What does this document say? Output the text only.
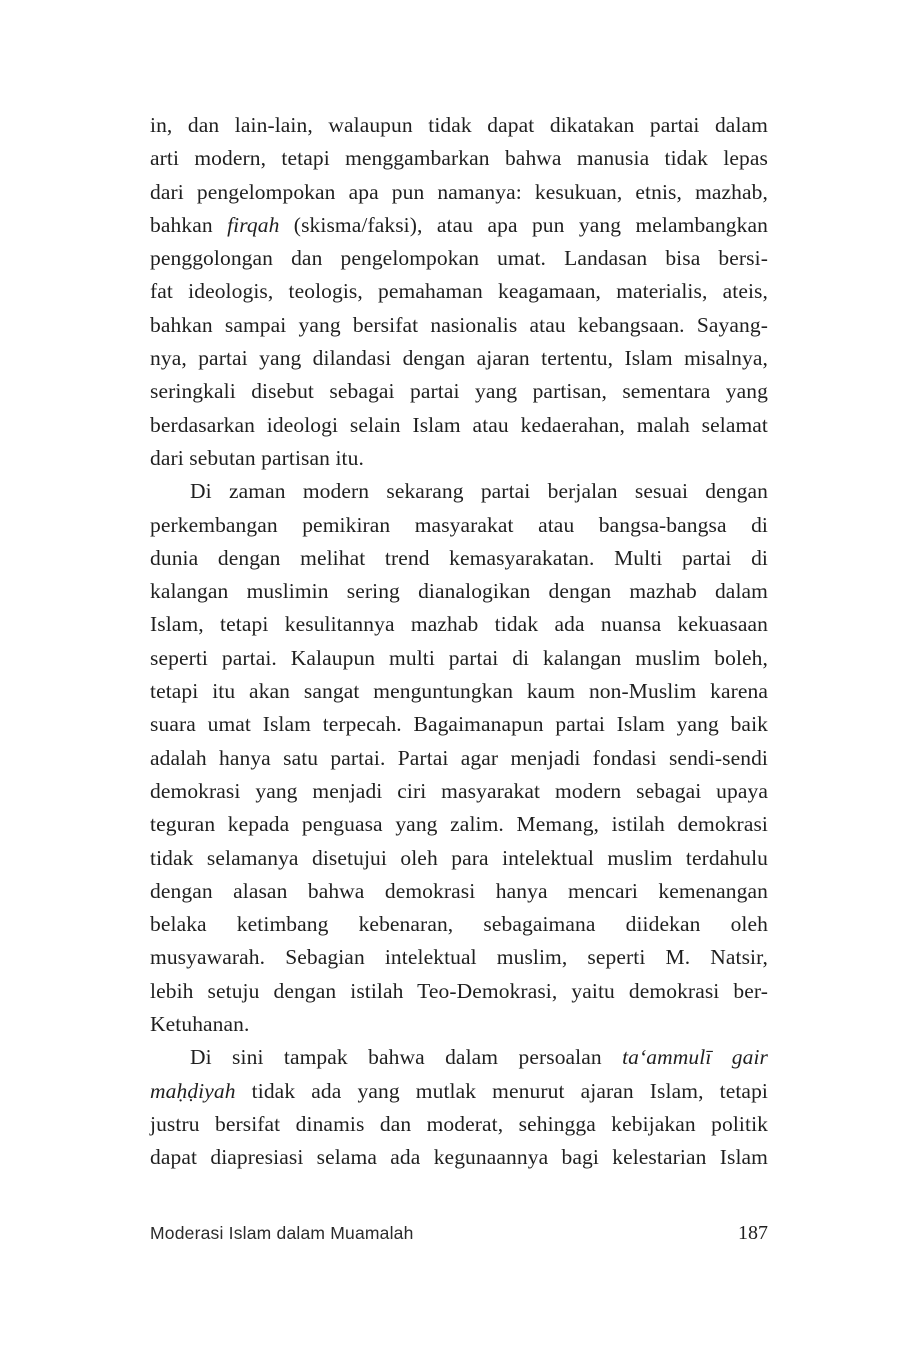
in, dan lain-lain, walaupun tidak dapat dikatakan partai dalam
arti modern, tetapi menggambarkan bahwa manusia tidak lepas
dari pengelompokan apa pun namanya: kesukuan, etnis, mazhab,
bahkan firqah (skisma/faksi), atau apa pun yang melambangkan
penggolongan dan pengelompokan umat. Landasan bisa bersi-
fat ideologis, teologis, pemahaman keagamaan, materialis, ateis,
bahkan sampai yang bersifat nasionalis atau kebangsaan. Sayang-
nya, partai yang dilandasi dengan ajaran tertentu, Islam misalnya,
seringkali disebut sebagai partai yang partisan, sementara yang
berdasarkan ideologi selain Islam atau kedaerahan, malah selamat
dari sebutan partisan itu.
Di zaman modern sekarang partai berjalan sesuai dengan
perkembangan pemikiran masyarakat atau bangsa-bangsa di
dunia dengan melihat trend kemasyarakatan. Multi partai di
kalangan muslimin sering dianalogikan dengan mazhab dalam
Islam, tetapi kesulitannya mazhab tidak ada nuansa kekuasaan
seperti partai. Kalaupun multi partai di kalangan muslim boleh,
tetapi itu akan sangat menguntungkan kaum non-Muslim karena
suara umat Islam terpecah. Bagaimanapun partai Islam yang baik
adalah hanya satu partai. Partai agar menjadi fondasi sendi-sendi
demokrasi yang menjadi ciri masyarakat modern sebagai upaya
teguran kepada penguasa yang zalim. Memang, istilah demokrasi
tidak selamanya disetujui oleh para intelektual muslim terdahulu
dengan alasan bahwa demokrasi hanya mencari kemenangan
belaka ketimbang kebenaran, sebagaimana diidekan oleh
musyawarah. Sebagian intelektual muslim, seperti M. Natsir,
lebih setuju dengan istilah Teo-Demokrasi, yaitu demokrasi ber-
Ketuhanan.
Di sini tampak bahwa dalam persoalan taʻammulī gair
maḥḍiyah tidak ada yang mutlak menurut ajaran Islam, tetapi
justru bersifat dinamis dan moderat, sehingga kebijakan politik
dapat diapresiasi selama ada kegunaannya bagi kelestarian Islam
Moderasi Islam dalam Muamalah	187
